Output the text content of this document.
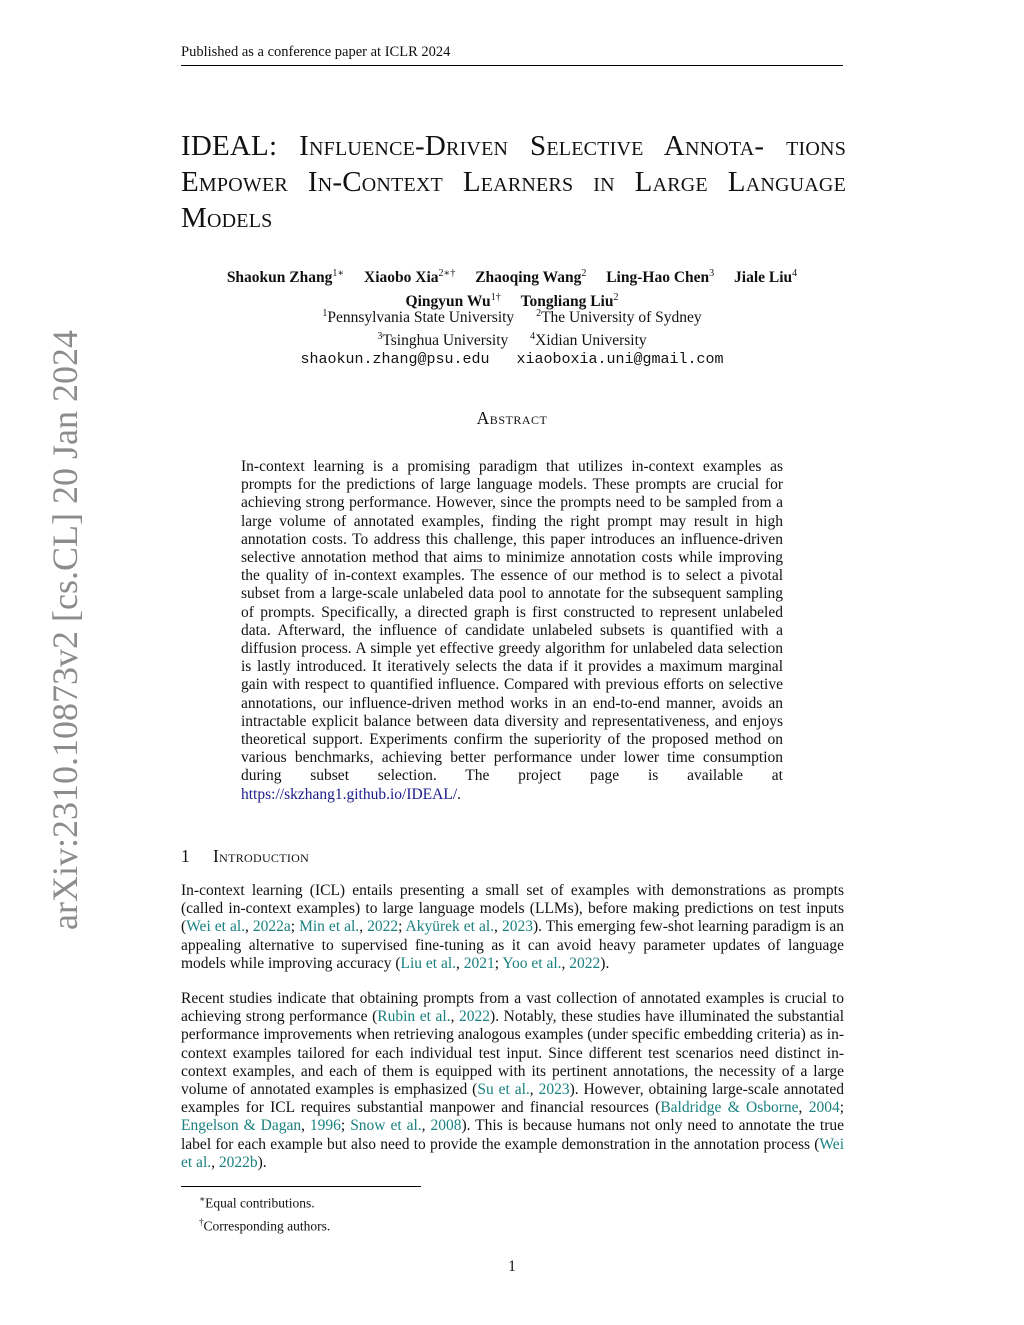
Published as a conference paper at ICLR 2024
arXiv:2310.10873v2 [cs.CL] 20 Jan 2024
IDEAL: Influence-Driven Selective Annota- tions Empower In-Context Learners in Large Language Models
Shaokun Zhang$^{1∗}$ Xiaobo Xia$^{2∗\dagger}$ Zhaoqing Wang$^2$ Ling-Hao Chen$^3$ Jiale Liu$^4$
Qingyun $Wu^{1\dagger}$ Tongliang Liu$^2$
$^1$Pennsylvania State University $^2$The University of Sydney
$^3$Tsinghua University $^4$Xidian University
shaokun.zhang@psu.edu xiaoboxia.uni@gmail.com
Abstract
In-context learning is a promising paradigm that utilizes in-context examples as prompts for the predictions of large language models. These prompts are crucial for achieving strong performance. However, since the prompts need to be sampled from a large volume of annotated examples, finding the right prompt may result in high annotation costs. To address this challenge, this paper introduces an influence-driven selective annotation method that aims to minimize annotation costs while improving the quality of in-context examples. The essence of our method is to select a pivotal subset from a large-scale unlabeled data pool to annotate for the subsequent sampling of prompts. Specifically, a directed graph is first constructed to represent unlabeled data. Afterward, the influence of candidate unlabeled subsets is quantified with a diffusion process. A simple yet effective greedy algorithm for unlabeled data selection is lastly introduced. It iteratively selects the data if it provides a maximum marginal gain with respect to quantified influence. Compared with previous efforts on selective annotations, our influence-driven method works in an end-to-end manner, avoids an intractable explicit balance between data diversity and representativeness, and enjoys theoretical support. Experiments confirm the superiority of the proposed method on various benchmarks, achieving better performance under lower time consumption during subset selection. The project page is available at https://skzhang1.github.io/IDEAL/.
1 Introduction
In-context learning (ICL) entails presenting a small set of examples with demonstrations as prompts (called in-context examples) to large language models (LLMs), before making predictions on test inputs (Wei et al., 2022a; Min et al., 2022; Akyürek et al., 2023). This emerging few-shot learning paradigm is an appealing alternative to supervised fine-tuning as it can avoid heavy parameter updates of language models while improving accuracy (Liu et al., 2021; Yoo et al., 2022).
Recent studies indicate that obtaining prompts from a vast collection of annotated examples is crucial to achieving strong performance (Rubin et al., 2022). Notably, these studies have illuminated the substantial performance improvements when retrieving analogous examples (under specific embedding criteria) as in-context examples tailored for each individual test input. Since different test scenarios need distinct in-context examples, and each of them is equipped with its pertinent annotations, the necessity of a large volume of annotated examples is emphasized (Su et al., 2023). However, obtaining large-scale annotated examples for ICL requires substantial manpower and financial resources (Baldridge & Osborne, 2004; Engelson & Dagan, 1996; Snow et al., 2008). This is because humans not only need to annotate the true label for each example but also need to provide the example demonstration in the annotation process (Wei et al., 2022b).
∗Equal contributions.
†Corresponding authors.
1
